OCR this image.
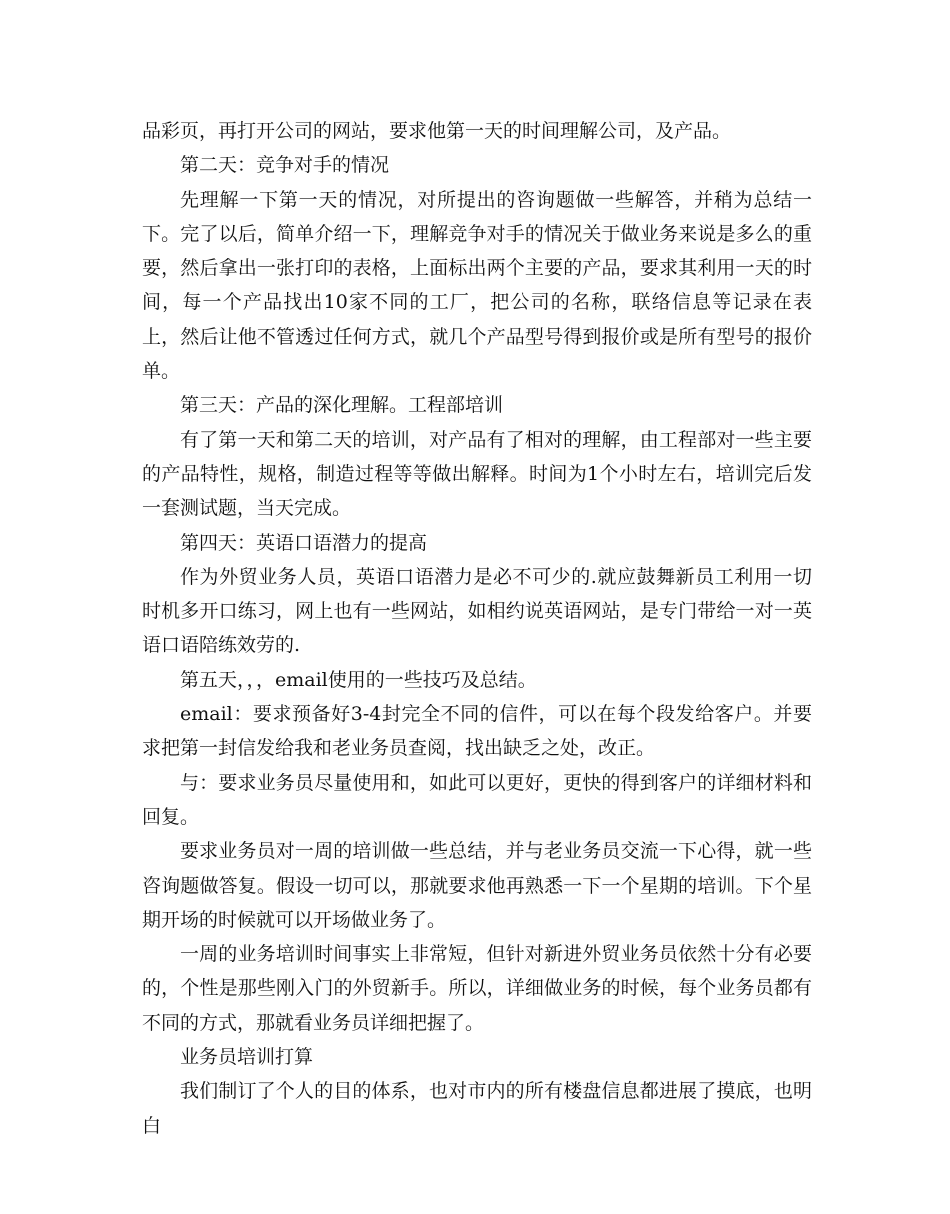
品彩页，再打开公司的网站，要求他第一天的时间理解公司，及产品。

第二天：竞争对手的情况

先理解一下第一天的情况，对所提出的咨询题做一些解答，并稍为总结一下。完了以后，简单介绍一下，理解竞争对手的情况关于做业务来说是多么的重要，然后拿出一张打印的表格，上面标出两个主要的产品，要求其利用一天的时间，每一个产品找出10家不同的工厂，把公司的名称，联络信息等记录在表上，然后让他不管透过任何方式，就几个产品型号得到报价或是所有型号的报价单。

第三天：产品的深化理解。工程部培训

有了第一天和第二天的培训，对产品有了相对的理解，由工程部对一些主要的产品特性，规格，制造过程等等做出解释。时间为1个小时左右，培训完后发一套测试题，当天完成。

第四天：英语口语潜力的提高

作为外贸业务人员，英语口语潜力是必不可少的.就应鼓舞新员工利用一切时机多开口练习，网上也有一些网站，如相约说英语网站，是专门带给一对一英语口语陪练效劳的.

第五天，，，email使用的一些技巧及总结。

email：要求预备好3-4封完全不同的信件，可以在每个段发给客户。并要求把第一封信发给我和老业务员查阅，找出缺乏之处，改正。

与：要求业务员尽量使用和，如此可以更好，更快的得到客户的详细材料和回复。

要求业务员对一周的培训做一些总结，并与老业务员交流一下心得，就一些咨询题做答复。假设一切可以，那就要求他再熟悉一下一个星期的培训。下个星期开场的时候就可以开场做业务了。

一周的业务培训时间事实上非常短，但针对新进外贸业务员依然十分有必要的，个性是那些刚入门的外贸新手。所以，详细做业务的时候，每个业务员都有不同的方式，那就看业务员详细把握了。

业务员培训打算

我们制订了个人的目的体系，也对市内的所有楼盘信息都进展了摸底，也明白
